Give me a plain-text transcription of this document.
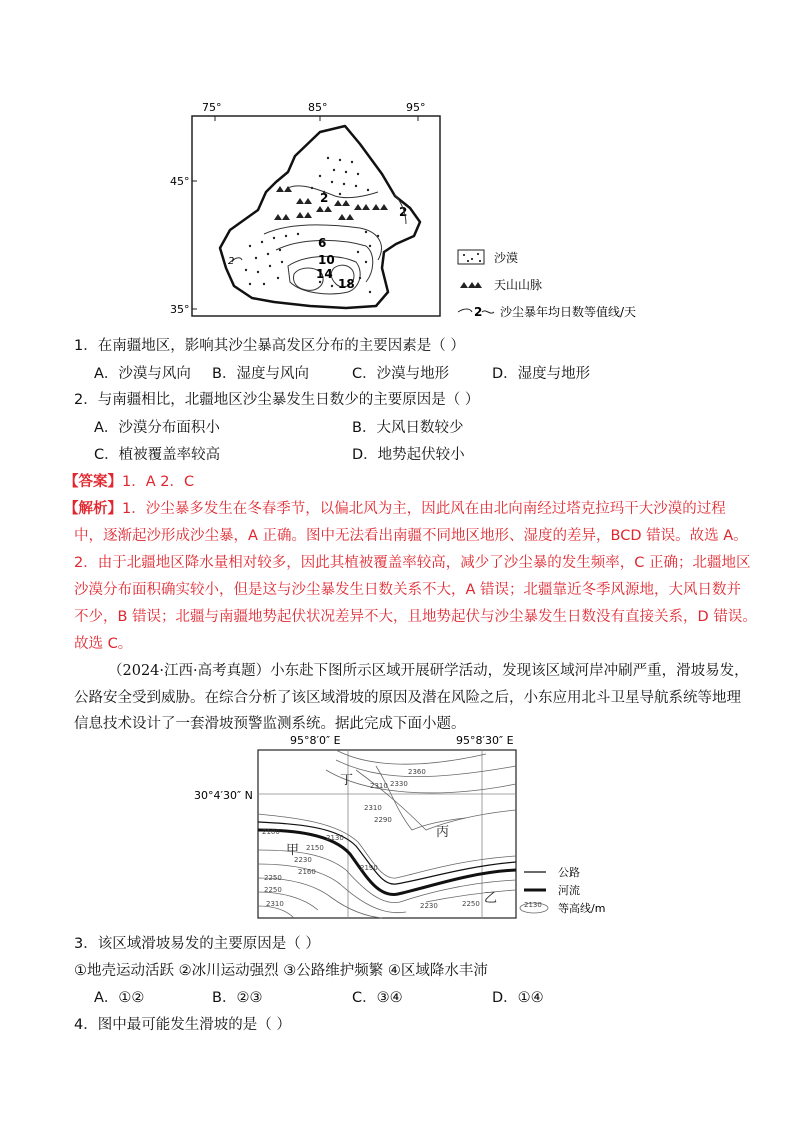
75°	85°	95°
45°
35°
2
2
6
10
14
18
2	沙漠
天山山脉
2 沙尘暴年均日数等值线/天
1．在南疆地区，影响其沙尘暴高发区分布的主要因素是（ ）
A．沙漠与风向 B．湿度与风向	C．沙漠与地形	D．湿度与地形
2．与南疆相比，北疆地区沙尘暴发生日数少的主要原因是（ ）
A．沙漠分布面积小	B．大风日数较少
C．植被覆盖率较高	D．地势起伏较小
【答案】1．A 2．C
【解析】1．沙尘暴多发生在冬春季节，以偏北风为主，因此风在由北向南经过塔克拉玛干大沙漠的过程
中，逐渐起沙形成沙尘暴，A 正确。图中无法看出南疆不同地区地形、湿度的差异，BCD 错误。故选 A。
2．由于北疆地区降水量相对较多，因此其植被覆盖率较高，减少了沙尘暴的发生频率，C 正确；北疆地区
沙漠分布面积确实较小，但是这与沙尘暴发生日数关系不大，A 错误；北疆靠近冬季风源地，大风日数并
不少，B 错误；北疆与南疆地势起伏状况差异不大，且地势起伏与沙尘暴发生日数没有直接关系，D 错误。
故选 C。
（2024·江西·高考真题）小东赴下图所示区域开展研学活动，发现该区域河岸冲刷严重，滑坡易发，
公路安全受到威胁。在综合分析了该区域滑坡的原因及潜在风险之后，小东应用北斗卫星导航系统等地理
信息技术设计了一套滑坡预警监测系统。据此完成下面小题。
95°8′0″ E	95°8′30″ E
30°4′30″ N
2360
2310 2330
2310
2290
2100
2130
2150
2230
2250
2160	2190
2250
2310	2230	2250
丁
丙
甲
乙
公路
河流
2130 等高线/m
3．该区域滑坡易发的主要原因是（ ）
①地壳运动活跃 ②冰川运动强烈 ③公路维护频繁 ④区域降水丰沛
A．①②	B．②③	C．③④	D．①④
4．图中最可能发生滑坡的是（ ）
